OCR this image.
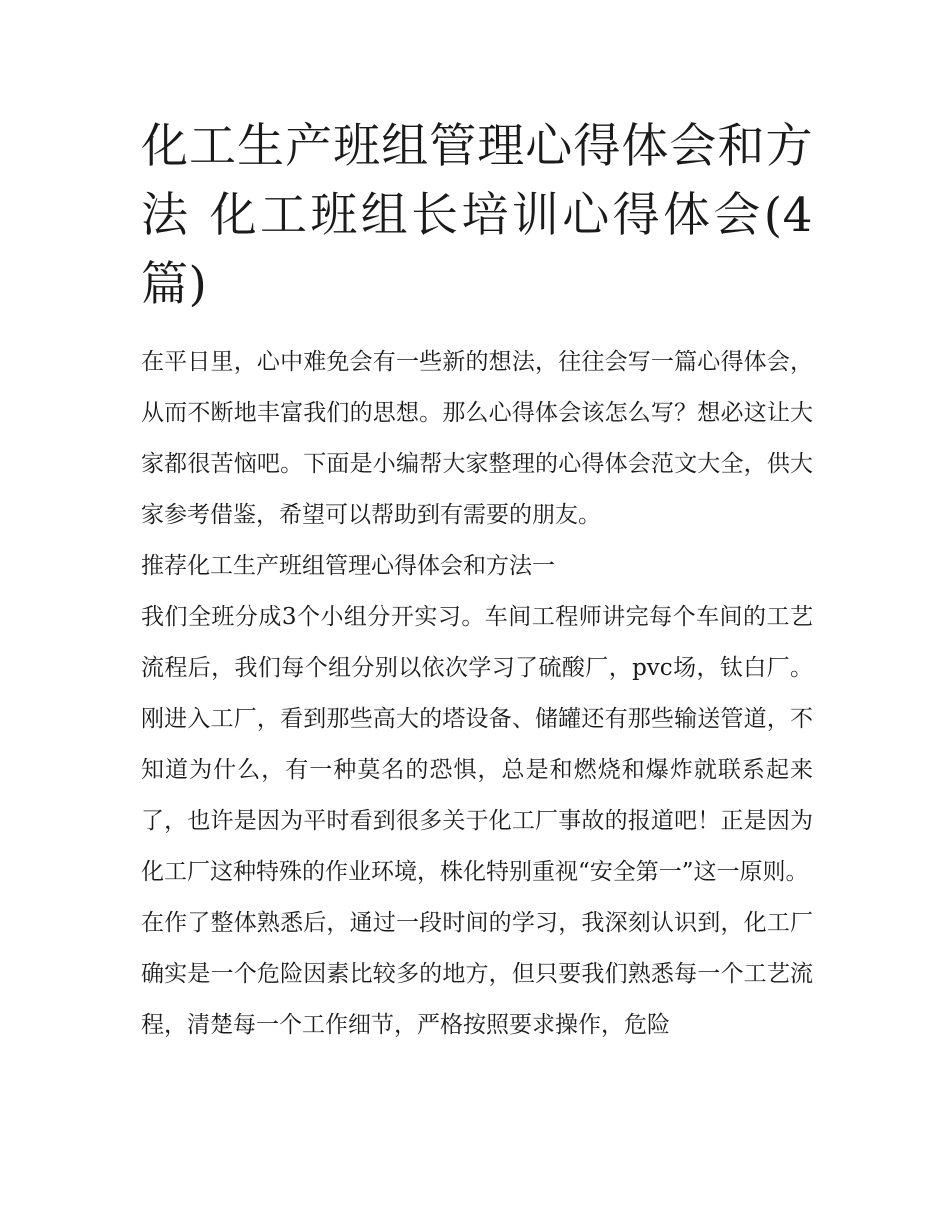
化工生产班组管理心得体会和方法 化工班组长培训心得体会(4篇)

在平日里，心中难免会有一些新的想法，往往会写一篇心得体会，从而不断地丰富我们的思想。那么心得体会该怎么写？想必这让大家都很苦恼吧。下面是小编帮大家整理的心得体会范文大全，供大家参考借鉴，希望可以帮助到有需要的朋友。

推荐化工生产班组管理心得体会和方法一

我们全班分成3个小组分开实习。车间工程师讲完每个车间的工艺流程后，我们每个组分别以依次学习了硫酸厂，pvc场，钛白厂。刚进入工厂，看到那些高大的塔设备、储罐还有那些输送管道，不知道为什么，有一种莫名的恐惧，总是和燃烧和爆炸就联系起来了，也许是因为平时看到很多关于化工厂事故的报道吧！正是因为化工厂这种特殊的作业环境，株化特别重视“安全第一”这一原则。

在作了整体熟悉后，通过一段时间的学习，我深刻认识到，化工厂确实是一个危险因素比较多的地方，但只要我们熟悉每一个工艺流程，清楚每一个工作细节，严格按照要求操作，危险
